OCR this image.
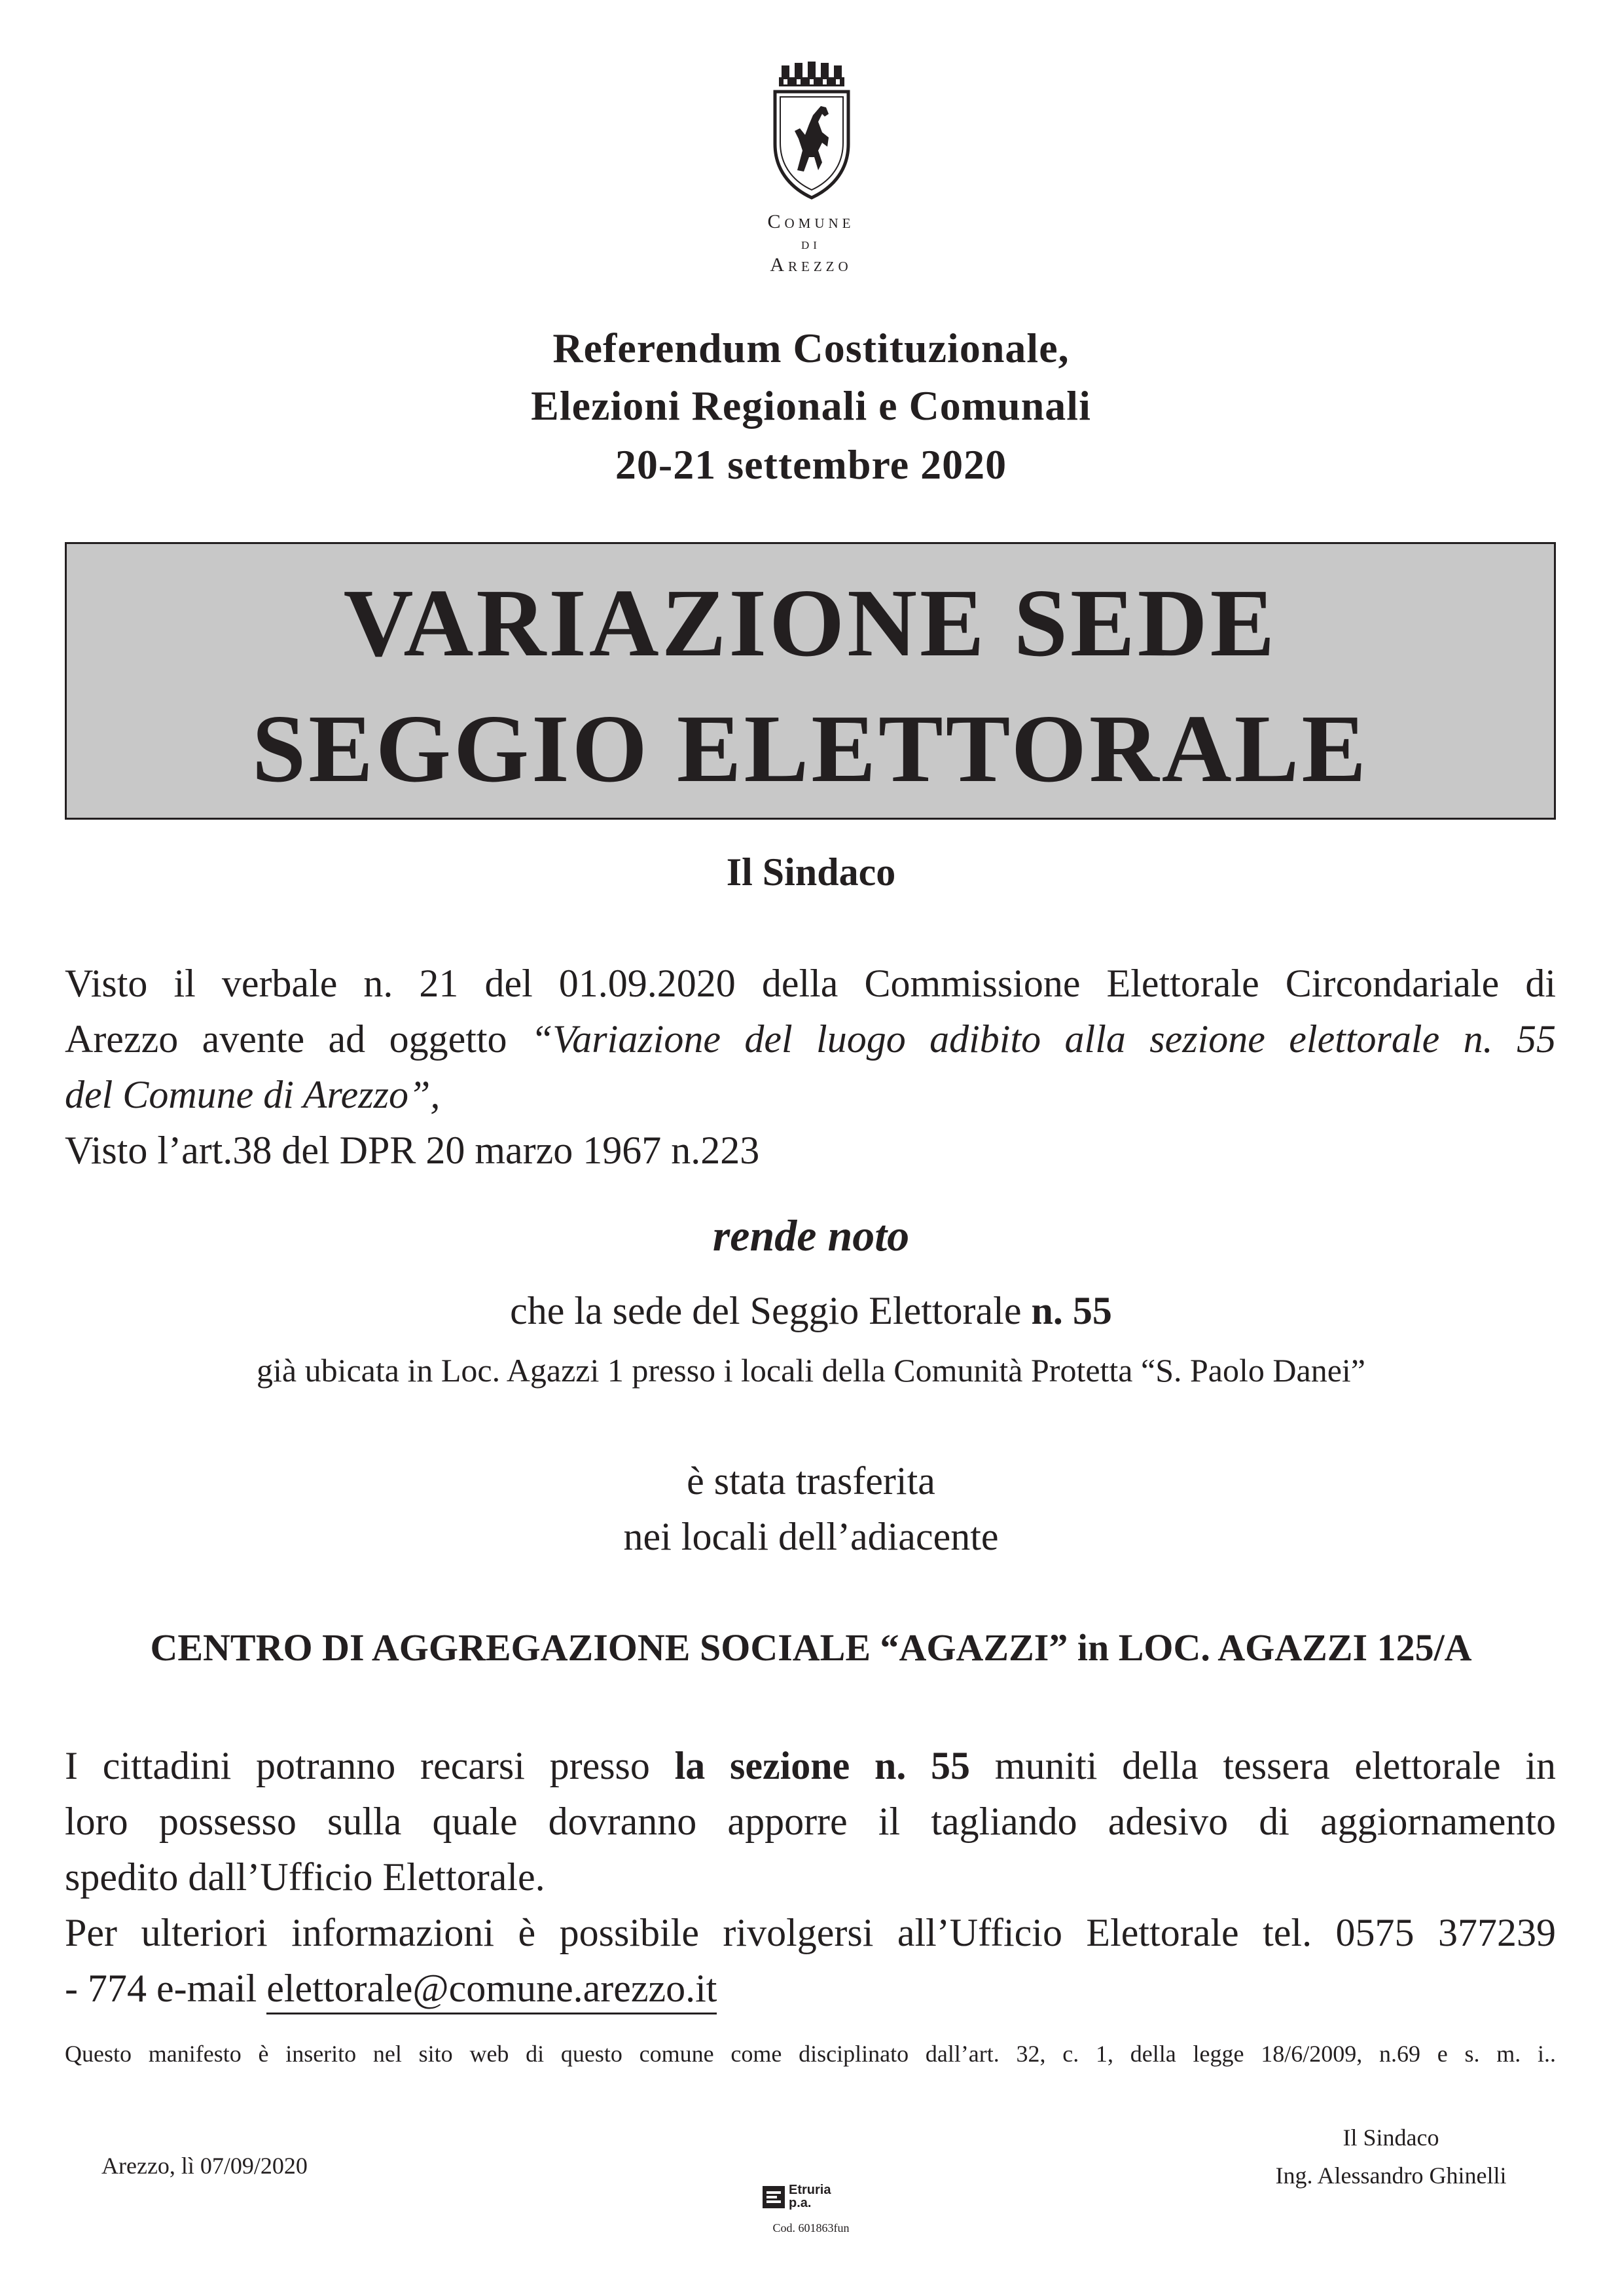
Comune
di
Arezzo
Referendum Costituzionale,
Elezioni Regionali e Comunali
20-21 settembre 2020
VARIAZIONE SEDE
SEGGIO ELETTORALE
Il Sindaco
Visto il verbale n. 21 del 01.09.2020 della Commissione Elettorale Circondariale di
Arezzo avente ad oggetto “Variazione del luogo adibito alla sezione elettorale n. 55
del Comune di Arezzo”,
Visto l’art.38 del DPR 20 marzo 1967 n.223
rende noto
che la sede del Seggio Elettorale n. 55
già ubicata in Loc. Agazzi 1 presso i locali della Comunità Protetta “S. Paolo Danei”
è stata trasferita
nei locali dell’adiacente
CENTRO DI AGGREGAZIONE SOCIALE “AGAZZI” in LOC. AGAZZI 125/A
I cittadini potranno recarsi presso la sezione n. 55 muniti della tessera elettorale in
loro possesso sulla quale dovranno apporre il tagliando adesivo di aggiornamento
spedito dall’Ufficio Elettorale.
Per ulteriori informazioni è possibile rivolgersi all’Ufficio Elettorale tel. 0575 377239
- 774 e-mail elettorale@comune.arezzo.it
Questo manifesto è inserito nel sito web di questo comune come disciplinato dall’art. 32, c. 1, della legge 18/6/2009, n.69 e s. m. i..
Arezzo, lì 07/09/2020
Il Sindaco
Ing. Alessandro Ghinelli
Etruria
p.a.
Cod. 601863fun
